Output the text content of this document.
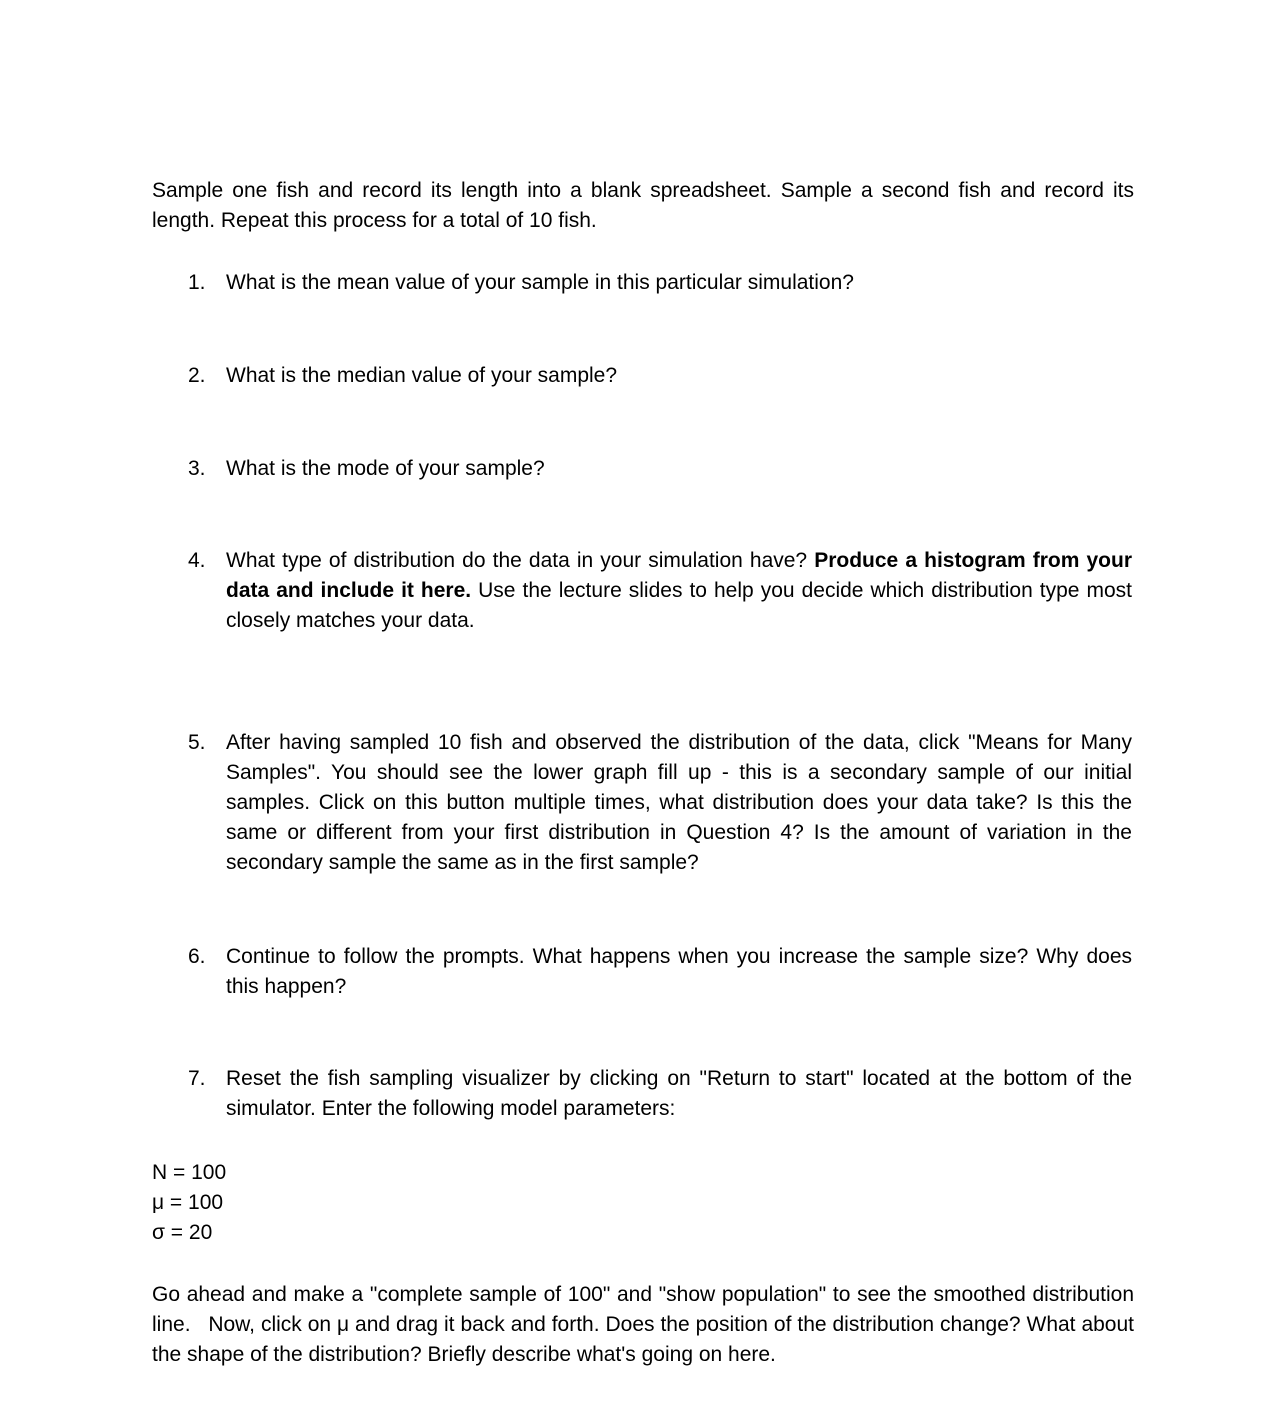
Sample one fish and record its length into a blank spreadsheet. Sample a second fish and record its length. Repeat this process for a total of 10 fish.

1. What is the mean value of your sample in this particular simulation?

2. What is the median value of your sample?

3. What is the mode of your sample?

4. What type of distribution do the data in your simulation have? Produce a histogram from your data and include it here. Use the lecture slides to help you decide which distribution type most closely matches your data.

5. After having sampled 10 fish and observed the distribution of the data, click "Means for Many Samples". You should see the lower graph fill up - this is a secondary sample of our initial samples. Click on this button multiple times, what distribution does your data take? Is this the same or different from your first distribution in Question 4? Is the amount of variation in the secondary sample the same as in the first sample?

6. Continue to follow the prompts. What happens when you increase the sample size? Why does this happen?

7. Reset the fish sampling visualizer by clicking on "Return to start" located at the bottom of the simulator. Enter the following model parameters:

N = 100
μ = 100
σ = 20

Go ahead and make a "complete sample of 100" and "show population" to see the smoothed distribution line.   Now, click on μ and drag it back and forth. Does the position of the distribution change? What about the shape of the distribution? Briefly describe what's going on here.
